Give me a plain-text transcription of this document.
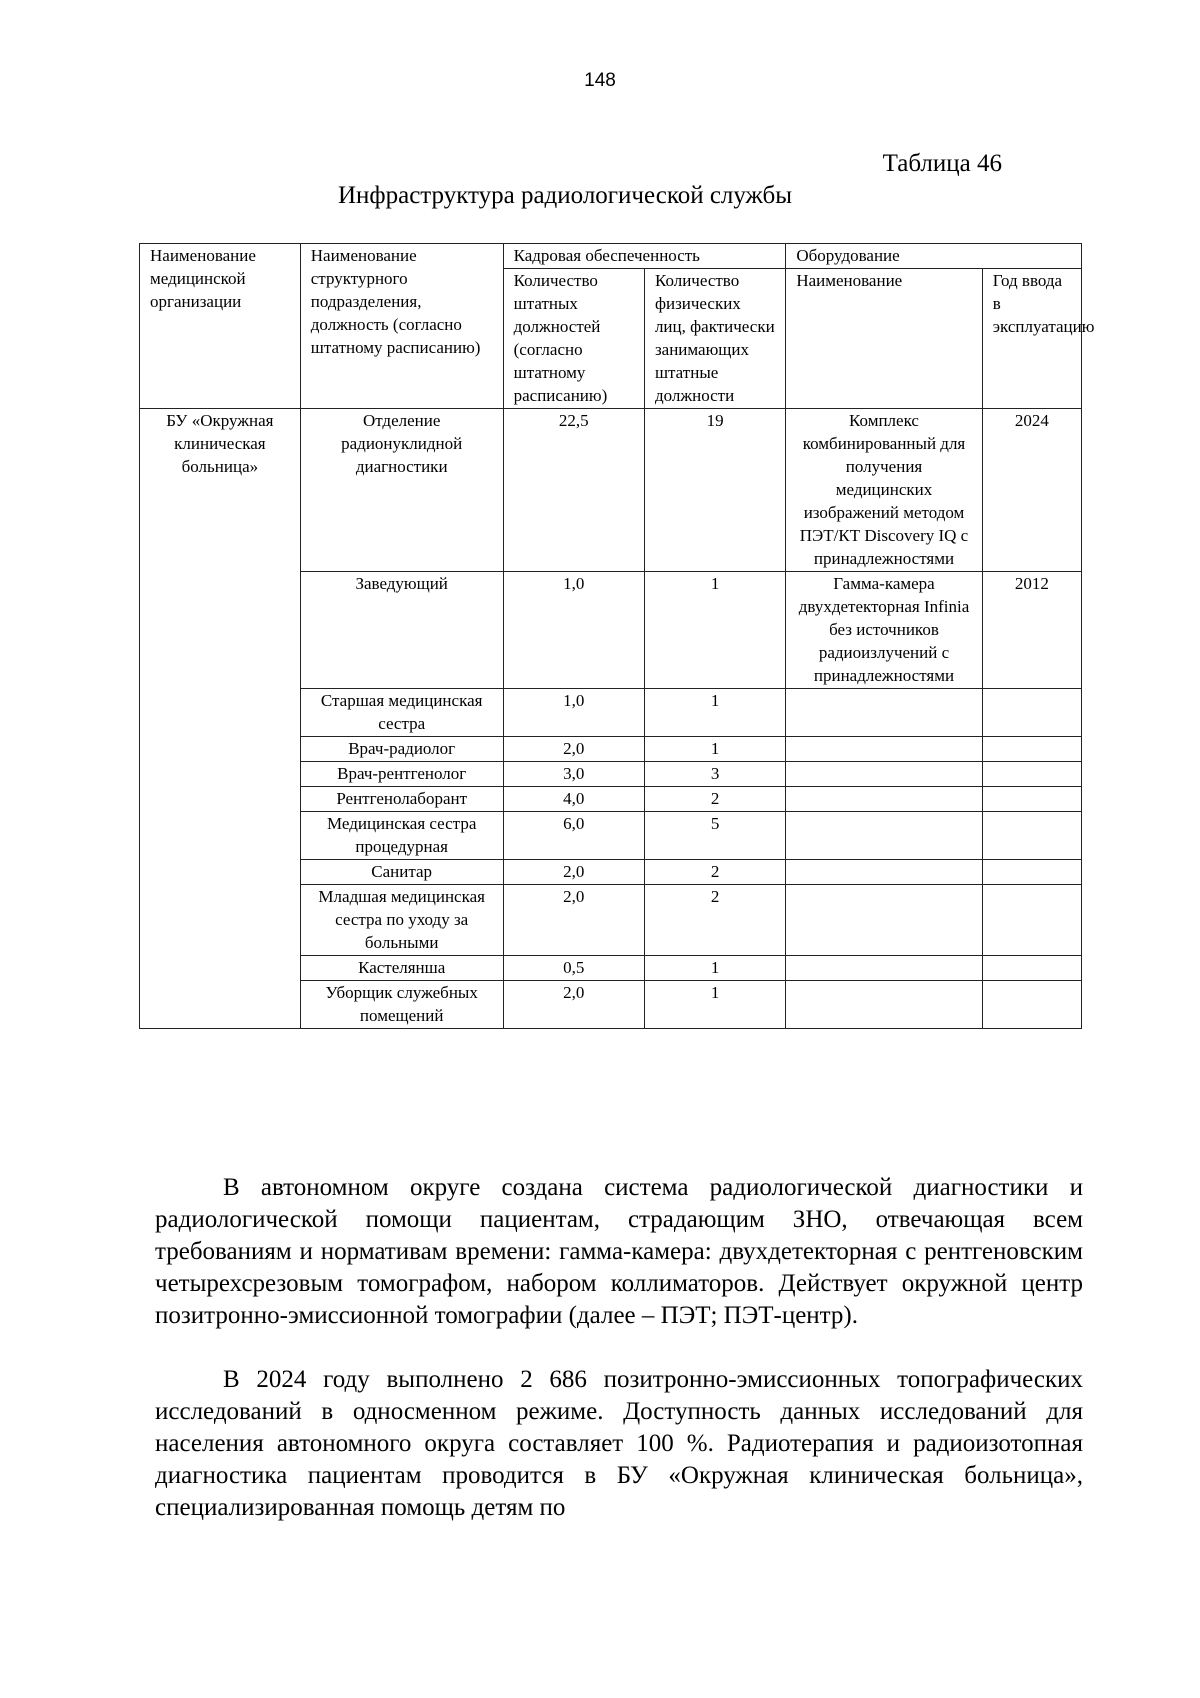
148
Таблица 46
Инфраструктура радиологической службы
Наименование медицинской организации	Наименование структурного подразделения, должность (согласно штатному расписанию)	Кадровая обеспеченность		Оборудование	
		Количество штатных должностей (согласно штатному расписанию)	Количество физических лиц, фактически занимающих штатные должности	Наименование	Год ввода в эксплуатацию
БУ «Окружная клиническая больница»	Отделение радионуклидной диагностики	22,5	19	Комплекс комбинированный для получения медицинских изображений методом ПЭТ/КТ Discovery IQ с принадлежностями	2024
	Заведующий	1,0	1	Гамма-камера двухдетекторная Infinia без источников радиоизлучений с принадлежностями	2012
	Старшая медицинская сестра	1,0	1		
	Врач-радиолог	2,0	1		
	Врач-рентгенолог	3,0	3		
	Рентгенолаборант	4,0	2		
	Медицинская сестра процедурная	6,0	5		
	Санитар	2,0	2		
	Младшая медицинская сестра по уходу за больными	2,0	2		
	Кастелянша	0,5	1		
	Уборщик служебных помещений	2,0	1		
В автономном округе создана система радиологической диагностики и радиологической помощи пациентам, страдающим ЗНО, отвечающая всем требованиям и нормативам времени: гамма-камера: двухдетекторная с рентгеновским четырехсрезовым томографом, набором коллиматоров. Действует окружной центр позитронно-эмиссионной томографии (далее – ПЭТ; ПЭТ-центр).
В 2024 году выполнено 2 686 позитронно-эмиссионных топографических исследований в односменном режиме. Доступность данных исследований для населения автономного округа составляет 100 %. Радиотерапия и радиоизотопная диагностика пациентам проводится в БУ «Окружная клиническая больница», специализированная помощь детям по
